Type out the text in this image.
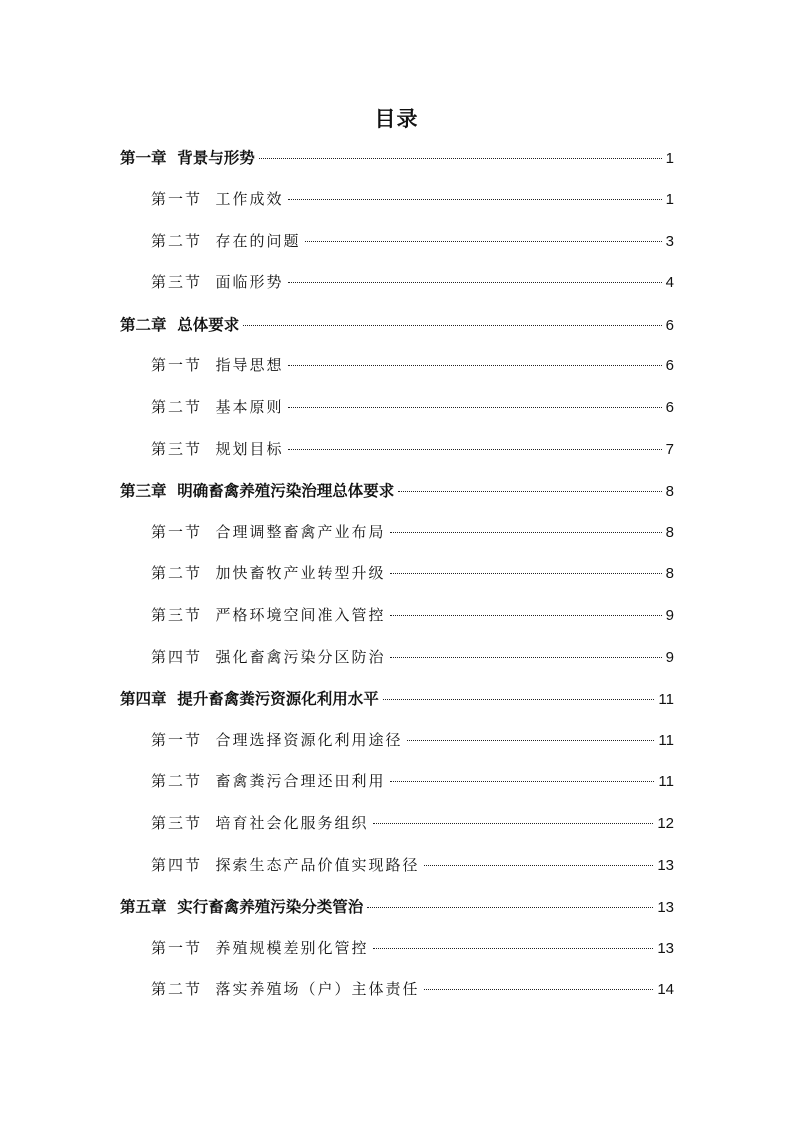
目录
第一章  背景与形势	1
第一节  工作成效	1
第二节  存在的问题	3
第三节  面临形势	4
第二章  总体要求	6
第一节  指导思想	6
第二节  基本原则	6
第三节  规划目标	7
第三章  明确畜禽养殖污染治理总体要求	8
第一节  合理调整畜禽产业布局	8
第二节  加快畜牧产业转型升级	8
第三节  严格环境空间准入管控	9
第四节  强化畜禽污染分区防治	9
第四章  提升畜禽粪污资源化利用水平	11
第一节  合理选择资源化利用途径	11
第二节  畜禽粪污合理还田利用	11
第三节  培育社会化服务组织	12
第四节  探索生态产品价值实现路径	13
第五章  实行畜禽养殖污染分类管治	13
第一节  养殖规模差别化管控	13
第二节  落实养殖场（户）主体责任	14
